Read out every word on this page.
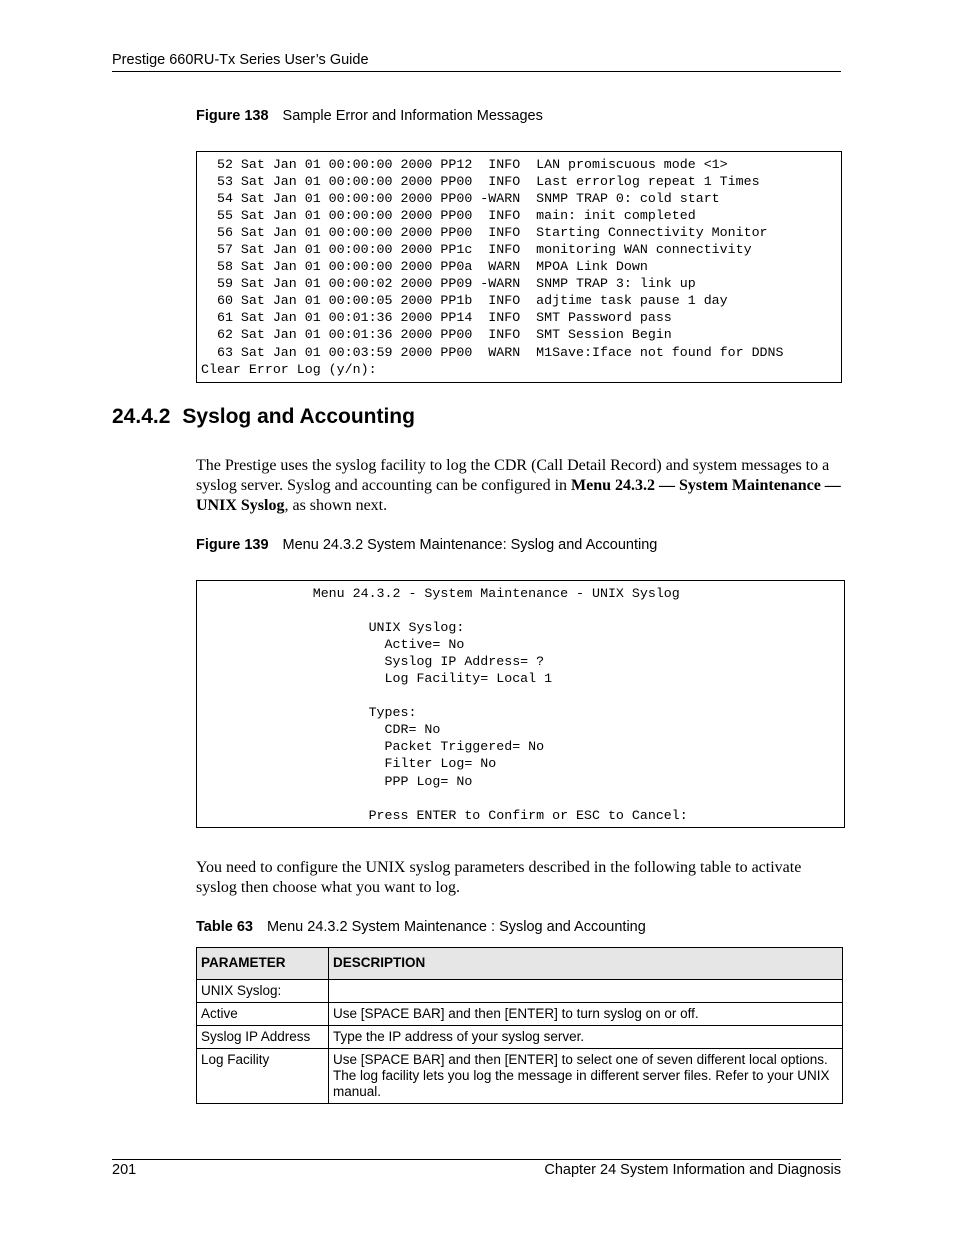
Prestige 660RU-Tx Series User’s Guide
Figure 138 Sample Error and Information Messages
52 Sat Jan 01 00:00:00 2000 PP12  INFO  LAN promiscuous mode <1>
53 Sat Jan 01 00:00:00 2000 PP00  INFO  Last errorlog repeat 1 Times
54 Sat Jan 01 00:00:00 2000 PP00 -WARN  SNMP TRAP 0: cold start
55 Sat Jan 01 00:00:00 2000 PP00  INFO  main: init completed
56 Sat Jan 01 00:00:00 2000 PP00  INFO  Starting Connectivity Monitor
57 Sat Jan 01 00:00:00 2000 PP1c  INFO  monitoring WAN connectivity
58 Sat Jan 01 00:00:00 2000 PP0a  WARN  MPOA Link Down
59 Sat Jan 01 00:00:02 2000 PP09 -WARN  SNMP TRAP 3: link up
60 Sat Jan 01 00:00:05 2000 PP1b  INFO  adjtime task pause 1 day
61 Sat Jan 01 00:01:36 2000 PP14  INFO  SMT Password pass
62 Sat Jan 01 00:01:36 2000 PP00  INFO  SMT Session Begin
63 Sat Jan 01 00:03:59 2000 PP00  WARN  M1Save:Iface not found for DDNS
Clear Error Log (y/n):
24.4.2 Syslog and Accounting
The Prestige uses the syslog facility to log the CDR (Call Detail Record) and system messages to a syslog server. Syslog and accounting can be configured in Menu 24.3.2 — System Maintenance — UNIX Syslog, as shown next.
Figure 139 Menu 24.3.2 System Maintenance: Syslog and Accounting
Menu 24.3.2 - System Maintenance - UNIX Syslog

UNIX Syslog:
Active= No
Syslog IP Address= ?
Log Facility= Local 1

Types:
CDR= No
Packet Triggered= No
Filter Log= No
PPP Log= No

Press ENTER to Confirm or ESC to Cancel:
You need to configure the UNIX syslog parameters described in the following table to activate syslog then choose what you want to log.
Table 63 Menu 24.3.2 System Maintenance : Syslog and Accounting
PARAMETER	DESCRIPTION
UNIX Syslog:	
Active	Use [SPACE BAR] and then [ENTER] to turn syslog on or off.
Syslog IP Address	Type the IP address of your syslog server.
Log Facility	Use [SPACE BAR] and then [ENTER] to select one of seven different local options. The log facility lets you log the message in different server files. Refer to your UNIX manual.
201	Chapter 24 System Information and Diagnosis
